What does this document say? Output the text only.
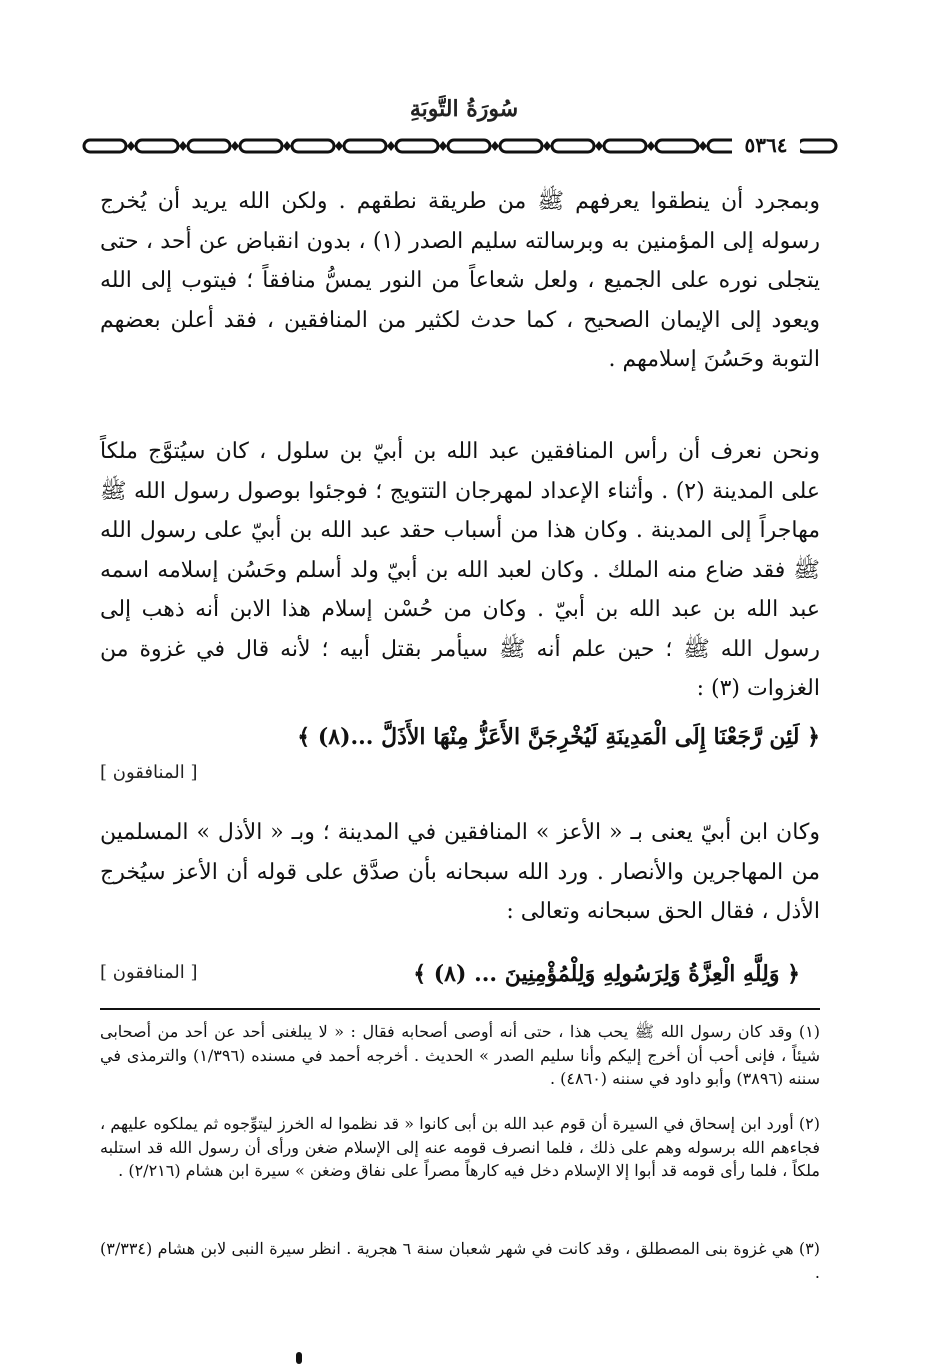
سُورَةُ التَّوبَةِ
٥٣٦٤
وبمجرد أن ينطقوا يعرفهم ﷺ من طريقة نطقهم . ولكن الله يريد أن يُخرج رسوله إلى المؤمنين به وبرسالته سليم الصدر (١) ، بدون انقباض عن أحد ، حتى يتجلى نوره على الجميع ، ولعل شعاعاً من النور يمسُّ منافقاً ؛ فيتوب إلى الله ويعود إلى الإيمان الصحيح ، كما حدث لكثير من المنافقين ، فقد أعلن بعضهم التوبة وحَسُنَ إسلامهم .
ونحن نعرف أن رأس المنافقين عبد الله بن أبيّ بن سلول ، كان سيُتوَّج ملكاً على المدينة (٢) . وأثناء الإعداد لمهرجان التتويج ؛ فوجئوا بوصول رسول الله ﷺ مهاجراً إلى المدينة . وكان هذا من أسباب حقد عبد الله بن أبيّ على رسول الله ﷺ فقد ضاع منه الملك . وكان لعبد الله بن أبيّ ولد أسلم وحَسُن إسلامه اسمه عبد الله بن عبد الله بن أبيّ . وكان من حُسْن إسلام هذا الابن أنه ذهب إلى رسول الله ﷺ ؛ حين علم أنه ﷺ سيأمر بقتل أبيه ؛ لأنه قال في غزوة من الغزوات (٣) :
﴿ لَئِن رَّجَعْنَا إِلَى الْمَدِينَةِ لَيُخْرِجَنَّ الأَعَزُّ مِنْهَا الأَذَلَّ ...(٨) ﴾
[ المنافقون ]
وكان ابن أبيّ يعنى بـ « الأعز » المنافقين في المدينة ؛ وبـ « الأذل » المسلمين من المهاجرين والأنصار . ورد الله سبحانه بأن صدَّق على قوله أن الأعز سيُخرج الأذل ، فقال الحق سبحانه وتعالى :
﴿ وَلِلَّهِ الْعِزَّةُ وَلِرَسُولِهِ وَلِلْمُؤْمِنِينَ ... (٨) ﴾
[ المنافقون ]
(١) وقد كان رسول الله ﷺ يحب هذا ، حتى أنه أوصى أصحابه فقال : « لا يبلغنى أحد عن أحد من أصحابى شيئاً ، فإنى أحب أن أخرج إليكم وأنا سليم الصدر » الحديث . أخرجه أحمد في مسنده (١/٣٩٦) والترمذى في سننه (٣٨٩٦) وأبو داود في سننه (٤٨٦٠) .
(٢) أورد ابن إسحاق في السيرة أن قوم عبد الله بن أبى كانوا « قد نظموا له الخرز ليتوِّجوه ثم يملكوه عليهم ، فجاءهم الله برسوله وهم على ذلك ، فلما انصرف قومه عنه إلى الإسلام ضغن ورأى أن رسول الله قد استلبه ملكاً ، فلما رأى قومه قد أبوا إلا الإسلام دخل فيه كارهاً مصراً على نفاق وضغن » سيرة ابن هشام (٢/٢١٦) .
(٣) هي غزوة بنى المصطلق ، وقد كانت في شهر شعبان سنة ٦ هجرية . انظر سيرة النبى لابن هشام (٣/٣٣٤) .
